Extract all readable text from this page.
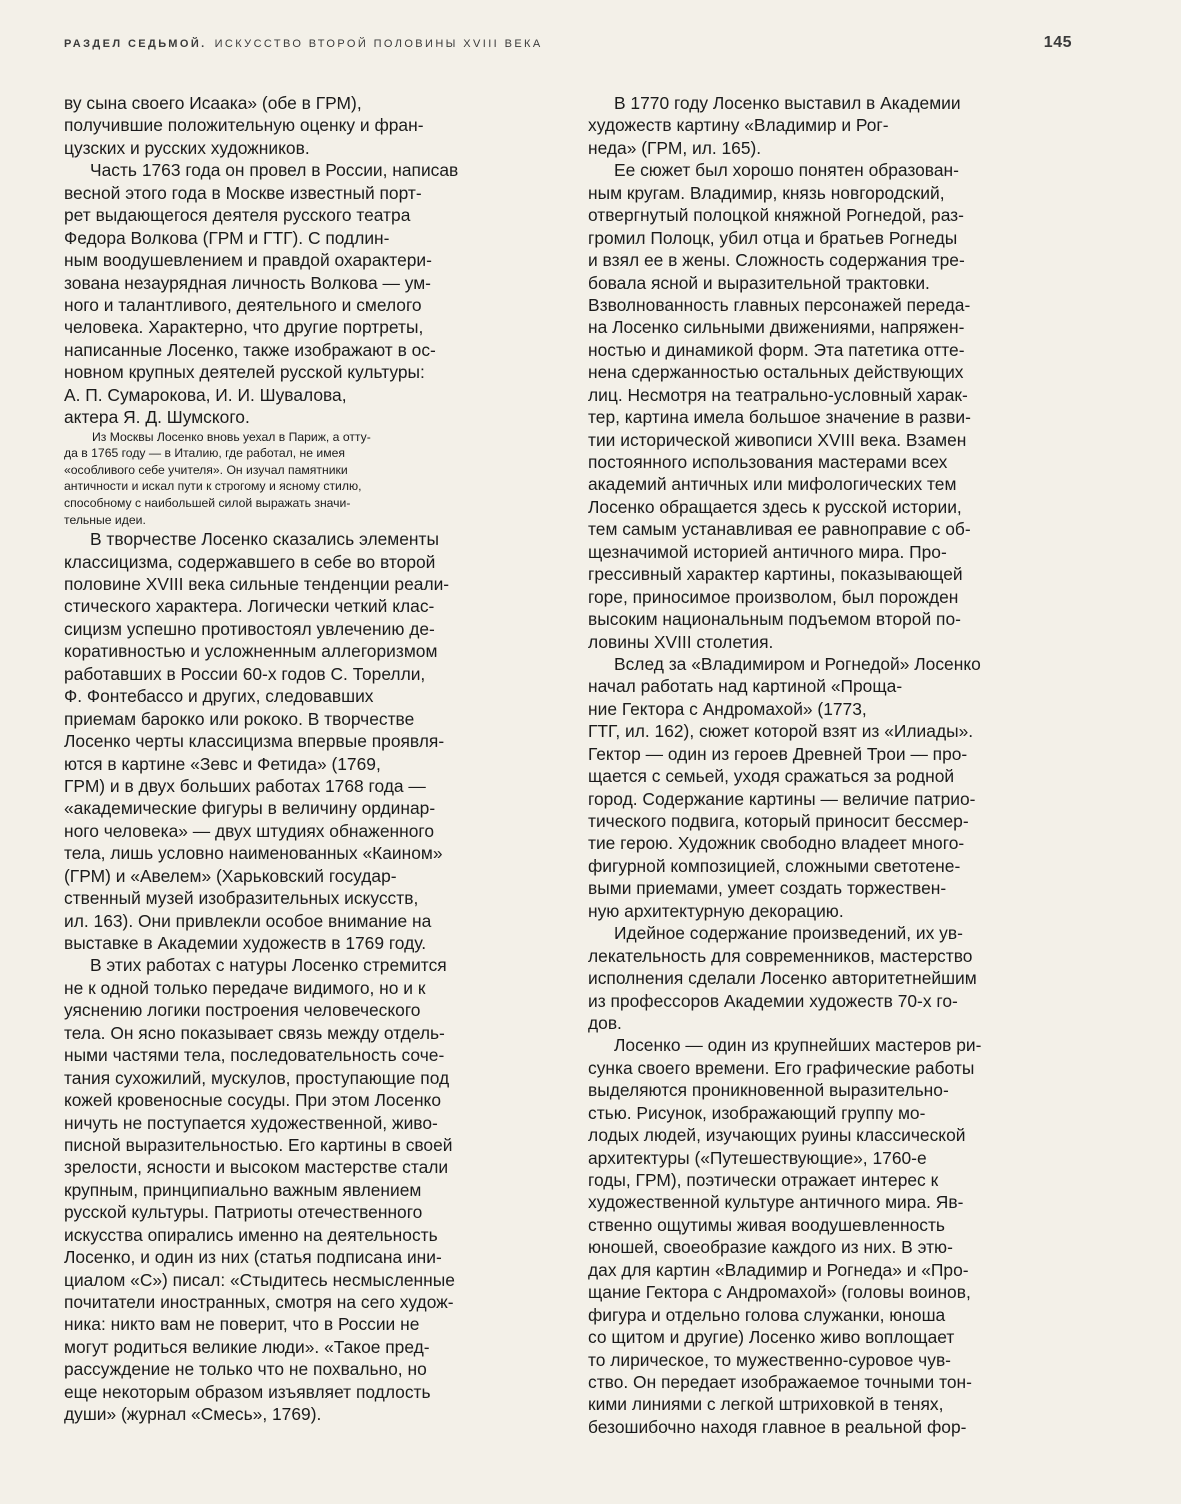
РАЗДЕЛ СЕДЬМОЙ. ИСКУССТВО ВТОРОЙ ПОЛОВИНЫ XVIII ВЕКА	145
ву сына своего Исаака» (обе в ГРМ),
получившие положительную оценку и фран-
цузских и русских художников.
Часть 1763 года он провел в России, написав
весной этого года в Москве известный порт-
рет выдающегося деятеля русского театра
Федора Волкова (ГРМ и ГТГ). С подлин-
ным воодушевлением и правдой охарактери-
зована незаурядная личность Волкова — ум-
ного и талантливого, деятельного и смелого
человека. Характерно, что другие портреты,
написанные Лосенко, также изображают в ос-
новном крупных деятелей русской культуры:
А. П. Сумарокова, И. И. Шувалова,
актера Я. Д. Шумского.
Из Москвы Лосенко вновь уехал в Париж, а отту-
да в 1765 году — в Италию, где работал, не имея
«особливого себе учителя». Он изучал памятники
античности и искал пути к строгому и ясному стилю,
способному с наибольшей силой выражать значи-
тельные идеи.
В творчестве Лосенко сказались элементы
классицизма, содержавшего в себе во второй
половине XVIII века сильные тенденции реали-
стического характера. Логически четкий клас-
сицизм успешно противостоял увлечению де-
коративностью и усложненным аллегоризмом
работавших в России 60-х годов С. Торелли,
Ф. Фонтебассо и других, следовавших
приемам барокко или рококо. В творчестве
Лосенко черты классицизма впервые проявля-
ются в картине «Зевс и Фетида» (1769,
ГРМ) и в двух больших работах 1768 года —
«академические фигуры в величину ординар-
ного человека» — двух штудиях обнаженного
тела, лишь условно наименованных «Каином»
(ГРМ) и «Авелем» (Харьковский государ-
ственный музей изобразительных искусств,
ил. 163). Они привлекли особое внимание на
выставке в Академии художеств в 1769 году.
В этих работах с натуры Лосенко стремится
не к одной только передаче видимого, но и к
уяснению логики построения человеческого
тела. Он ясно показывает связь между отдель-
ными частями тела, последовательность соче-
тания сухожилий, мускулов, проступающие под
кожей кровеносные сосуды. При этом Лосенко
ничуть не поступается художественной, живо-
писной выразительностью. Его картины в своей
зрелости, ясности и высоком мастерстве стали
крупным, принципиально важным явлением
русской культуры. Патриоты отечественного
искусства опирались именно на деятельность
Лосенко, и один из них (статья подписана ини-
циалом «С») писал: «Стыдитесь несмысленные
почитатели иностранных, смотря на сего худож-
ника: никто вам не поверит, что в России не
могут родиться великие люди». «Такое пред-
рассуждение не только что не похвально, но
еще некоторым образом изъявляет подлость
души» (журнал «Смесь», 1769).
В 1770 году Лосенко выставил в Академии
художеств картину «Владимир и Рог-
неда» (ГРМ, ил. 165).
Ее сюжет был хорошо понятен образован-
ным кругам. Владимир, князь новгородский,
отвергнутый полоцкой княжной Рогнедой, раз-
громил Полоцк, убил отца и братьев Рогнеды
и взял ее в жены. Сложность содержания тре-
бовала ясной и выразительной трактовки.
Взволнованность главных персонажей переда-
на Лосенко сильными движениями, напряжен-
ностью и динамикой форм. Эта патетика отте-
нена сдержанностью остальных действующих
лиц. Несмотря на театрально-условный харак-
тер, картина имела большое значение в разви-
тии исторической живописи XVIII века. Взамен
постоянного использования мастерами всех
академий античных или мифологических тем
Лосенко обращается здесь к русской истории,
тем самым устанавливая ее равноправие с об-
щезначимой историей античного мира. Про-
грессивный характер картины, показывающей
горе, приносимое произволом, был порожден
высоким национальным подъемом второй по-
ловины XVIII столетия.
Вслед за «Владимиром и Рогнедой» Лосенко
начал работать над картиной «Проща-
ние Гектора с Андромахой» (1773,
ГТГ, ил. 162), сюжет которой взят из «Илиады».
Гектор — один из героев Древней Трои — про-
щается с семьей, уходя сражаться за родной
город. Содержание картины — величие патрио-
тического подвига, который приносит бессмер-
тие герою. Художник свободно владеет много-
фигурной композицией, сложными светотене-
выми приемами, умеет создать торжествен-
ную архитектурную декорацию.
Идейное содержание произведений, их ув-
лекательность для современников, мастерство
исполнения сделали Лосенко авторитетнейшим
из профессоров Академии художеств 70-х го-
дов.
Лосенко — один из крупнейших мастеров ри-
сунка своего времени. Его графические работы
выделяются проникновенной выразительно-
стью. Рисунок, изображающий группу мо-
лодых людей, изучающих руины классической
архитектуры («Путешествующие», 1760-е
годы, ГРМ), поэтически отражает интерес к
художественной культуре античного мира. Яв-
ственно ощутимы живая воодушевленность
юношей, своеобразие каждого из них. В этю-
дах для картин «Владимир и Рогнеда» и «Про-
щание Гектора с Андромахой» (головы воинов,
фигура и отдельно голова служанки, юноша
со щитом и другие) Лосенко живо воплощает
то лирическое, то мужественно-суровое чув-
ство. Он передает изображаемое точными тон-
кими линиями с легкой штриховкой в тенях,
безошибочно находя главное в реальной фор-
